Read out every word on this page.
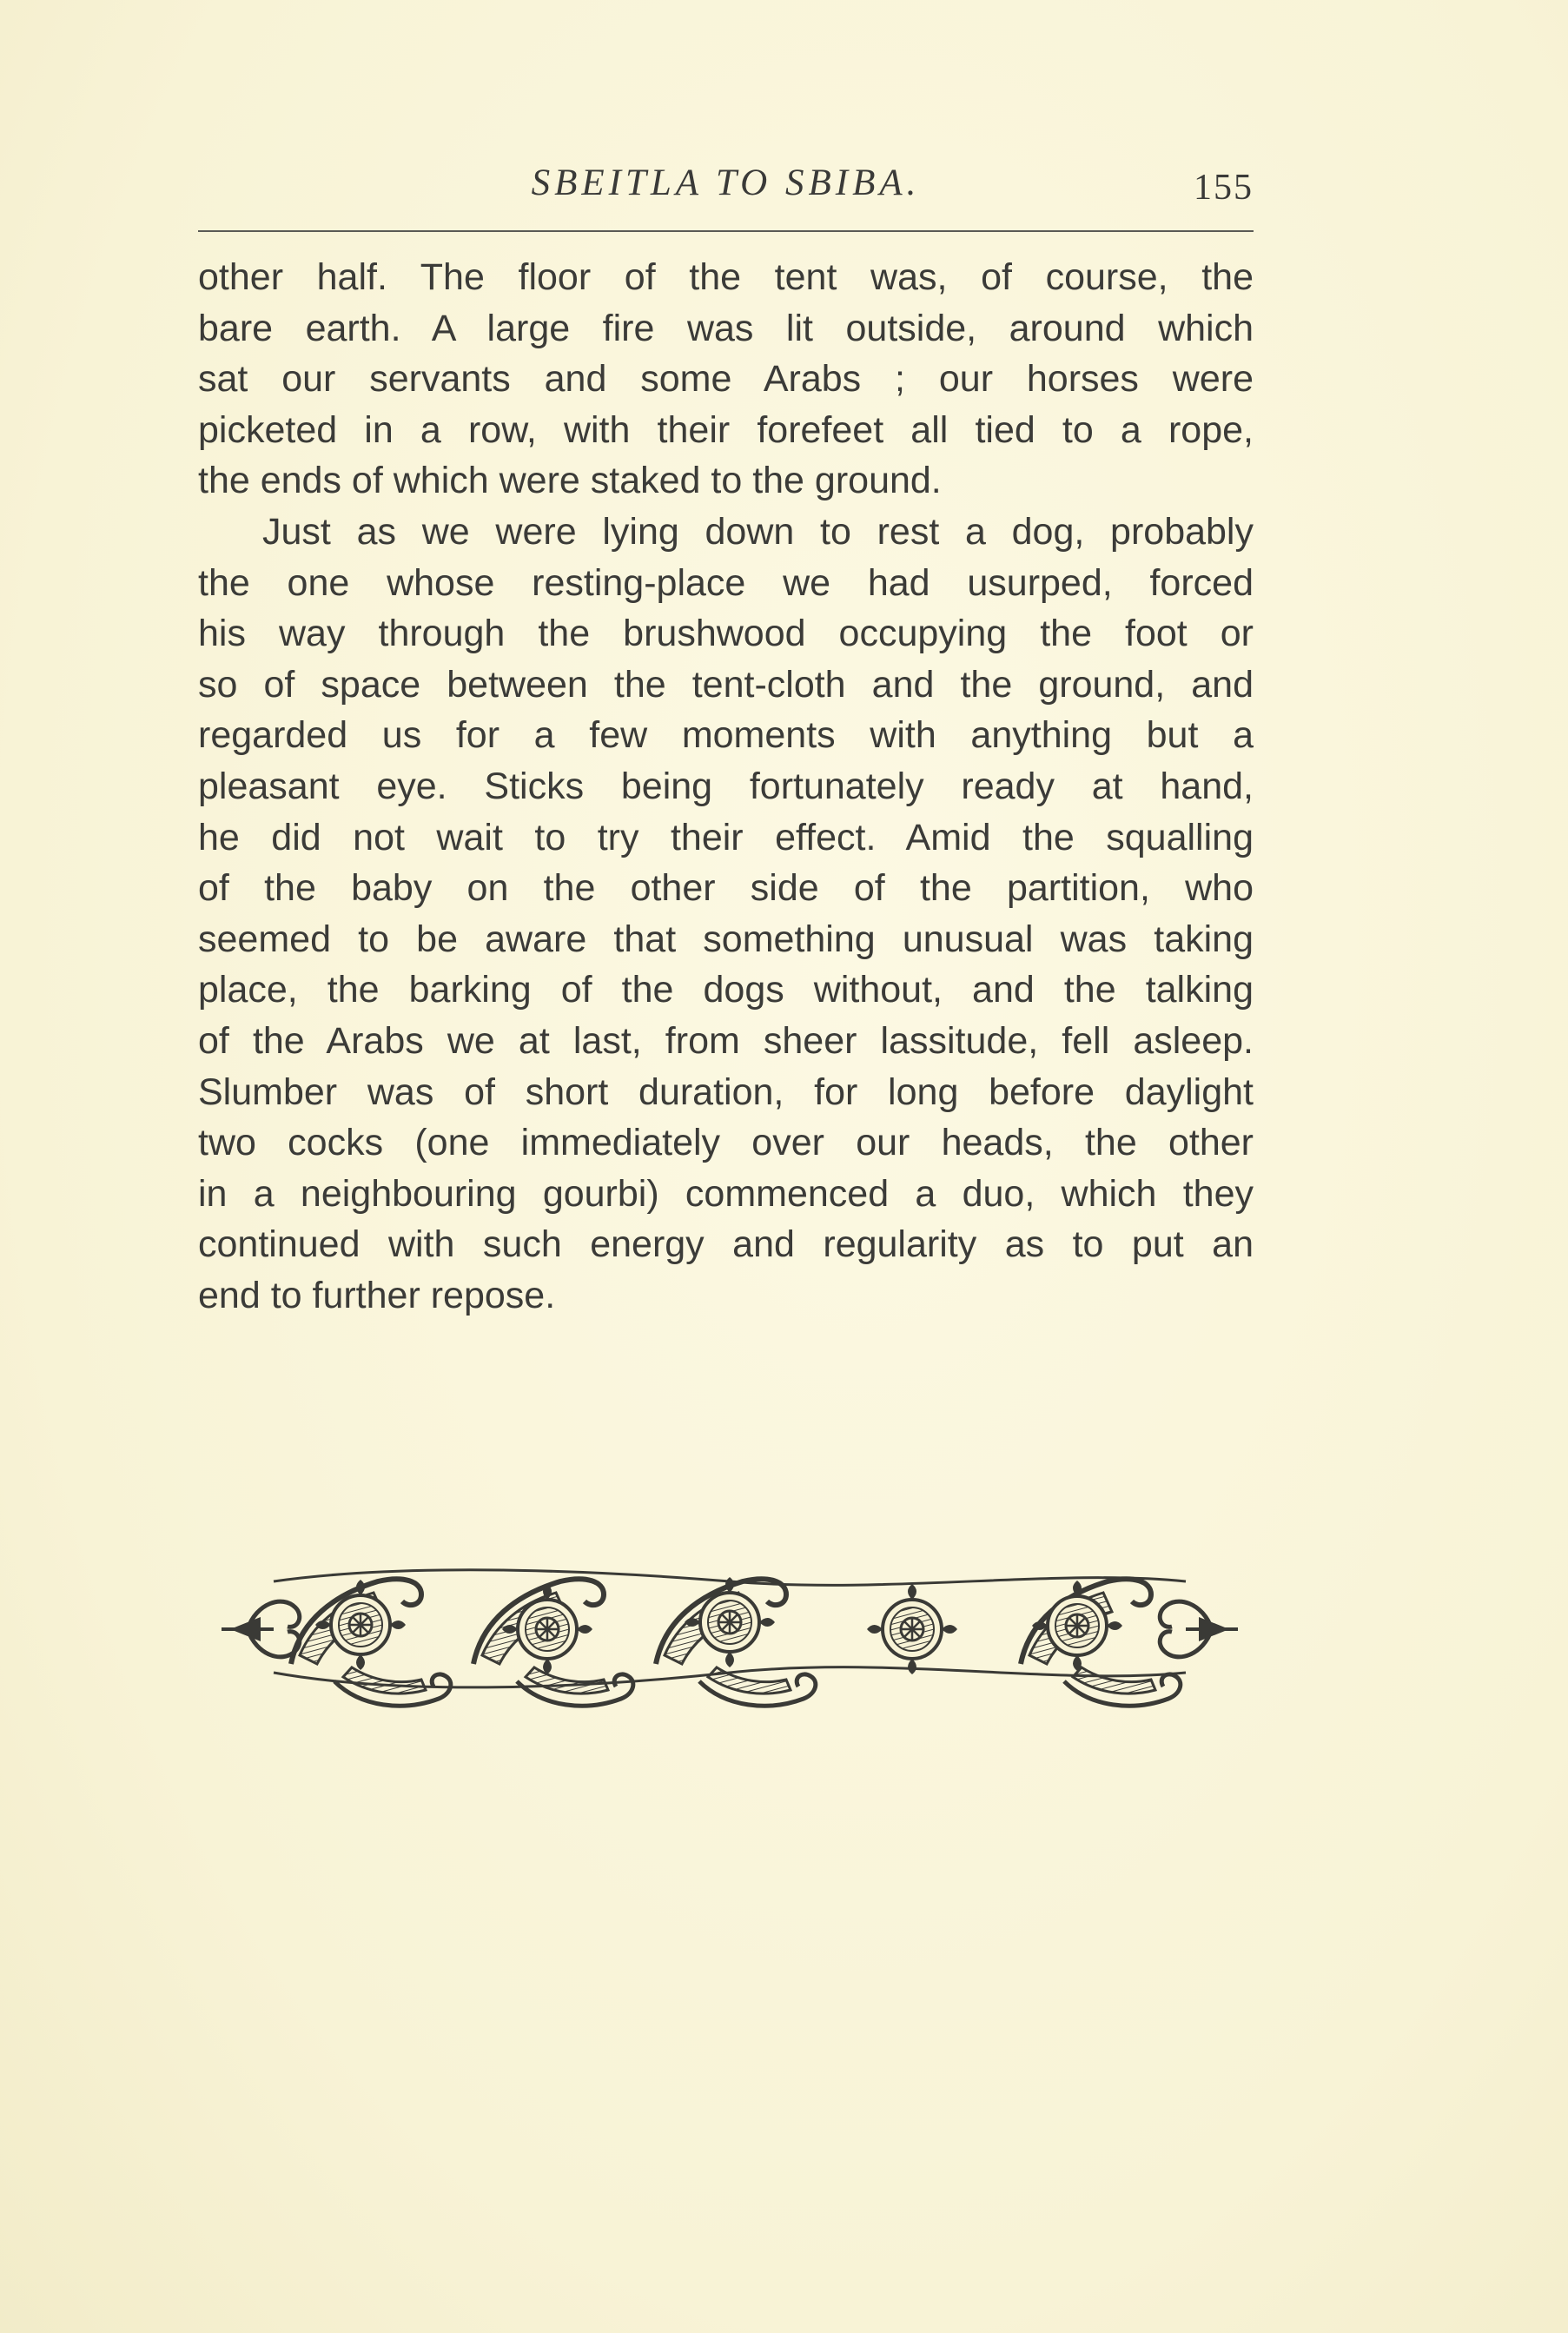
SBEITLA TO SBIBA.	155
other half. The floor of the tent was, of course, the
bare earth. A large fire was lit outside, around which
sat our servants and some Arabs ; our horses were
picketed in a row, with their forefeet all tied to a rope,
the ends of which were staked to the ground.
Just as we were lying down to rest a dog, probably
the one whose resting-place we had usurped, forced
his way through the brushwood occupying the foot or
so of space between the tent-cloth and the ground, and
regarded us for a few moments with anything but a
pleasant eye. Sticks being fortunately ready at hand,
he did not wait to try their effect. Amid the squalling
of the baby on the other side of the partition, who
seemed to be aware that something unusual was taking
place, the barking of the dogs without, and the talking
of the Arabs we at last, from sheer lassitude, fell asleep.
Slumber was of short duration, for long before daylight
two cocks (one immediately over our heads, the other
in a neighbouring gourbi) commenced a duo, which they
continued with such energy and regularity as to put an
end to further repose.
